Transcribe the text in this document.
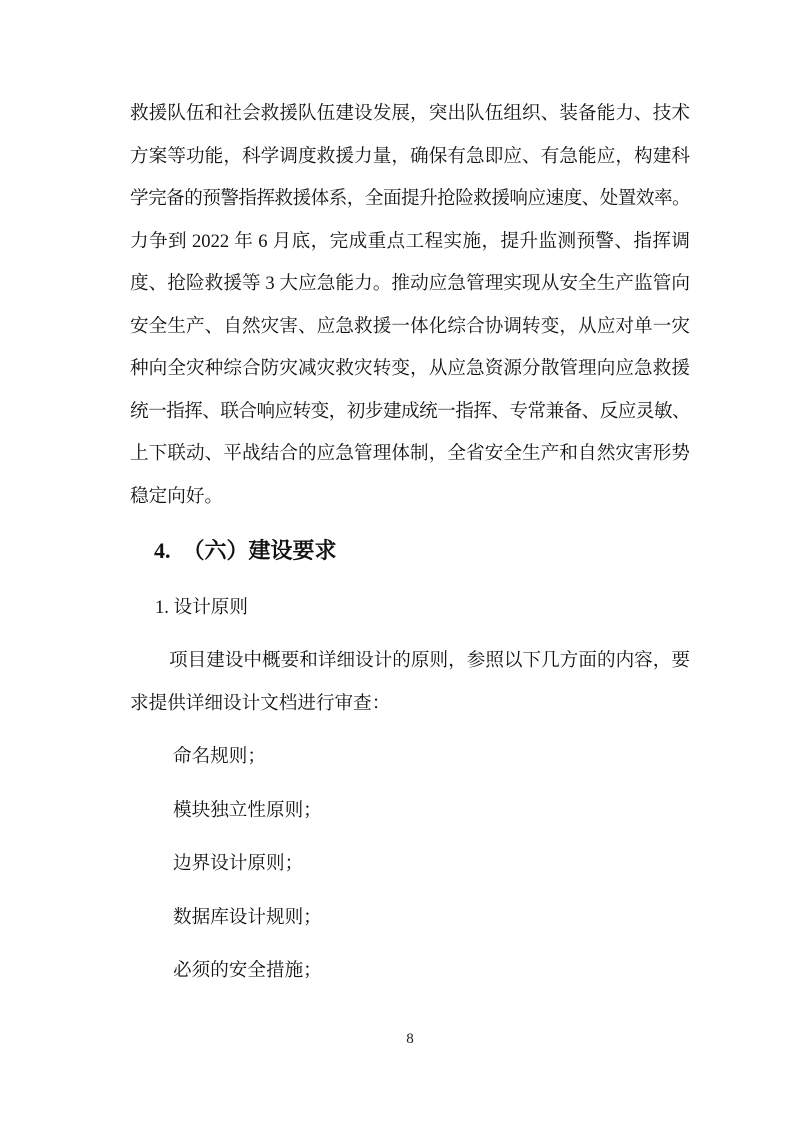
救援队伍和社会救援队伍建设发展，突出队伍组织、装备能力、技术
方案等功能，科学调度救援力量，确保有急即应、有急能应，构建科
学完备的预警指挥救援体系，全面提升抢险救援响应速度、处置效率。
力争到 2022 年 6 月底，完成重点工程实施，提升监测预警、指挥调
度、抢险救援等 3 大应急能力。推动应急管理实现从安全生产监管向
安全生产、自然灾害、应急救援一体化综合协调转变，从应对单一灾
种向全灾种综合防灾减灾救灾转变，从应急资源分散管理向应急救援
统一指挥、联合响应转变，初步建成统一指挥、专常兼备、反应灵敏、
上下联动、平战结合的应急管理体制，全省安全生产和自然灾害形势
稳定向好。
4. （六）建设要求
1. 设计原则
项目建设中概要和详细设计的原则，参照以下几方面的内容，要
求提供详细设计文档进行审查：
命名规则；
模块独立性原则；
边界设计原则；
数据库设计规则；
必须的安全措施；
8
